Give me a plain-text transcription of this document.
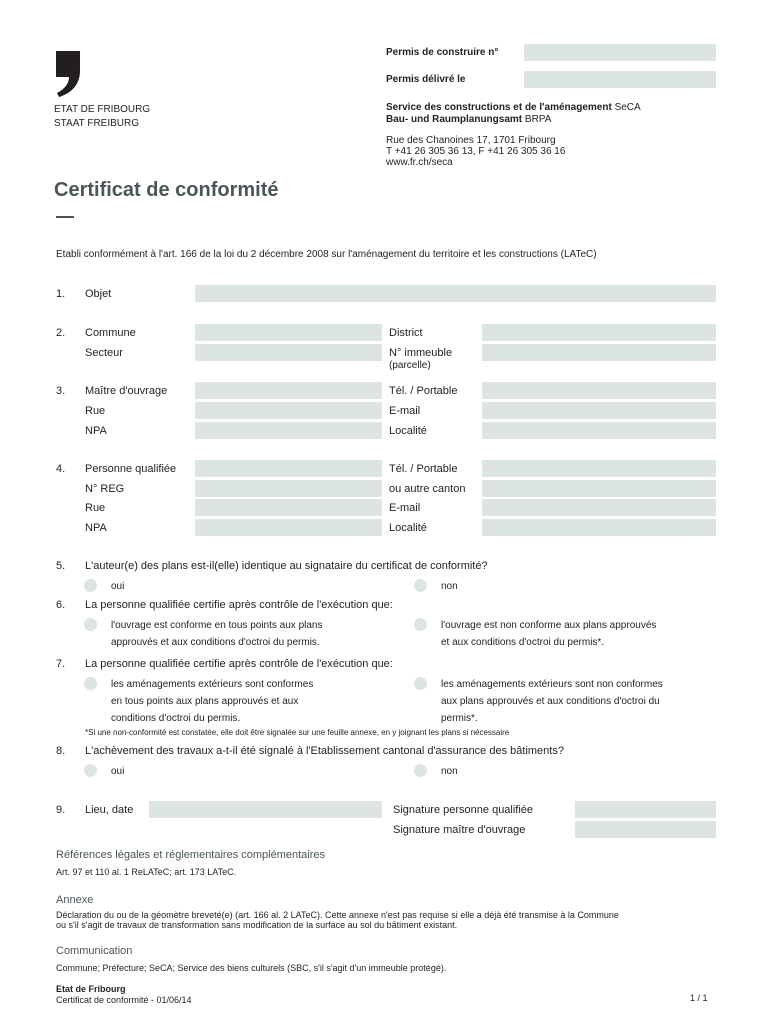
Permis de construire n°
Permis délivré le
ETAT DE FRIBOURG
STAAT FREIBURG
Service des constructions et de l'aménagement SeCA
Bau- und Raumplanungsamt BRPA
Rue des Chanoines 17, 1701 Fribourg
T +41 26 305 36 13, F +41 26 305 36 16
www.fr.ch/seca
Certificat de conformité
Etabli conformément à l'art. 166 de la loi du 2 décembre 2008 sur l'aménagement du territoire et les constructions (LATeC)
1. Objet
2. Commune	District
Secteur	N° immeuble
(parcelle)
3. Maître d'ouvrage	Tél. / Portable
Rue	E-mail
NPA	Localité
4. Personne qualifiée	Tél. / Portable
N° REG	ou autre canton
Rue	E-mail
NPA	Localité
5. L'auteur(e) des plans est-il(elle) identique au signataire du certificat de conformité?
oui	non
6. La personne qualifiée certifie après contrôle de l'exécution que:
l'ouvrage est conforme en tous points aux plans
approuvés et aux conditions d'octroi du permis.
l'ouvrage est non conforme aux plans approuvés
et aux conditions d'octroi du permis*.
7. La personne qualifiée certifie après contrôle de l'exécution que:
les aménagements extérieurs sont conformes
en tous points aux plans approuvés et aux
conditions d'octroi du permis.
les aménagements extérieurs sont non conformes
aux plans approuvés et aux conditions d'octroi du
permis*.
*Si une non-conformité est constatée, elle doit être signalée sur une feuille annexe, en y joignant les plans si nécessaire
8. L'achèvement des travaux a-t-il été signalé à l'Etablissement cantonal d'assurance des bâtiments?
oui	non
9. Lieu, date	Signature personne qualifiée
Signature maître d'ouvrage
Références légales et réglementaires complémentaires
Art. 97 et 110 al. 1 ReLATeC; art. 173 LATeC.
Annexe
Déclaration du ou de la géomètre breveté(e) (art. 166 al. 2 LATeC). Cette annexe n'est pas requise si elle a déjà été transmise à la Commune
ou s'il s'agit de travaux de transformation sans modification de la surface au sol du bâtiment existant.
Communication
Commune; Préfecture; SeCA; Service des biens culturels (SBC, s'il s'agit d'un immeuble protégé).
Etat de Fribourg
Certificat de conformité - 01/06/14	1 / 1
